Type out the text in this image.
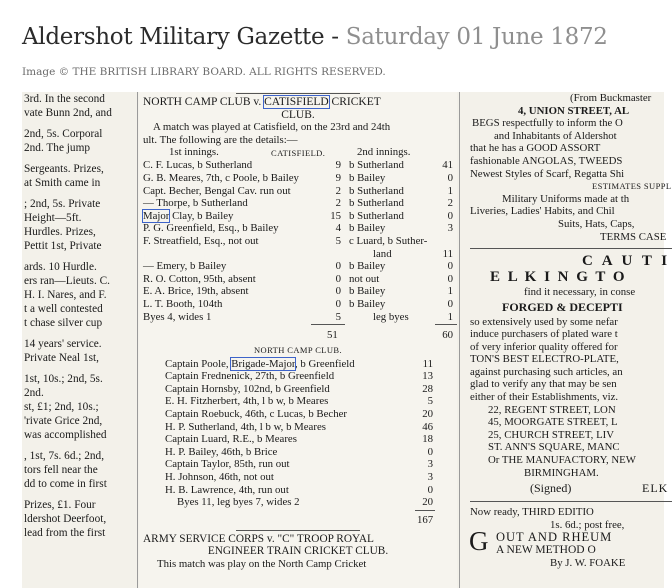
Aldershot Military Gazette - Saturday 01 June 1872
Image © THE BRITISH LIBRARY BOARD. ALL RIGHTS RESERVED.
3rd. In the second
vate Bunn 2nd, and
2nd, 5s. Corporal
2nd. The jump
Sergeants. Prizes,
at Smith came in
; 2nd, 5s. Private
Height—5ft.
Hurdles. Prizes,
Pettit 1st, Private
ards. 10 Hurdle.
ers ran—Lieuts. C.
H. I. Nares, and F.
t a well contested
t chase silver cup
14 years' service.
Private Neal 1st,
1st, 10s.; 2nd, 5s.
2nd.
st, £1; 2nd, 10s.;
'rivate Grice 2nd,
was accomplished
, 1st, 7s. 6d.; 2nd,
tors fell near the
dd to come in first
Prizes, £1. Four
ldershot Deerfoot,
lead from the first
NORTH CAMP CLUB v. CATISFIELD CRICKET
CLUB.
A match was played at Catisfield, on the 23rd and 24th
ult. The following are the details:—
1st innings.	CATISFIELD.	2nd innings.
C. F. Lucas, b Sutherland	9	b Sutherland	41
G. B. Meares, 7th, c Poole, b Bailey	9	b Bailey	0
Capt. Becher, Bengal Cav. run out	2	b Sutherland	1
— Thorpe, b Sutherland	2	b Sutherland	2
Major Clay, b Bailey	15	b Sutherland	0
P. G. Greenfield, Esq., b Bailey	4	b Bailey	3
F. Streatfield, Esq., not out	5	c Luard, b Suther-	
		land	11
— Emery, b Bailey	0	b Bailey	0
R. O. Cotton, 95th, absent	0	not out	0
E. A. Brice, 19th, absent	0	b Bailey	1
L. T. Booth, 104th	0	b Bailey	0
Byes 4, wides 1	5	leg byes	1
51	60
NORTH CAMP CLUB.
Captain Poole, Brigade-Major, b Greenfield	11
Captain Frednenick, 27th, b Greenfield	13
Captain Hornsby, 102nd, b Greenfield	28
E. H. Fitzherbert, 4th, l b w, b Meares	5
Captain Roebuck, 46th, c Lucas, b Becher	20
H. P. Sutherland, 4th, l b w, b Meares	46
Captain Luard, R.E., b Meares	18
H. P. Bailey, 46th, b Brice	0
Captain Taylor, 85th, run out	3
H. Johnson, 46th, not out	3
H. B. Lawrence, 4th, run out	0
Byes 11, leg byes 7, wides 2	20
167
ARMY SERVICE CORPS v. "C" TROOP ROYAL
ENGINEER TRAIN CRICKET CLUB.
This match was play on the North Camp Cricket
(From Buckmaster
4, UNION STREET, AL
BEGS respectfully to inform the O
and Inhabitants of Aldershot
that he has a GOOD ASSORT
fashionable ANGOLAS, TWEEDS
Newest Styles of Scarf, Regatta Shi
ESTIMATES SUPPL
Military Uniforms made at th
Liveries, Ladies' Habits, and Chil
Suits, Hats, Caps,
TERMS CASE
C A U T I
E L K I N G T O
find it necessary, in conse
FORGED & DECEPTI
so extensively used by some nefar
induce purchasers of plated ware t
of very inferior quality offered for
TON'S BEST ELECTRO-PLATE,
against purchasing such articles, an
glad to verify any that may be sen
either of their Establishments, viz.
22, REGENT STREET, LON
45, MOORGATE STREET, L
25, CHURCH STREET, LIV
ST. ANN'S SQUARE, MANC
Or THE MANUFACTORY, NEW
BIRMINGHAM.
(Signed)	ELK
Now ready, THIRD EDITIO
1s. 6d.; post free,
G OUT AND RHEUM
A NEW METHOD O
By J. W. FOAKE
